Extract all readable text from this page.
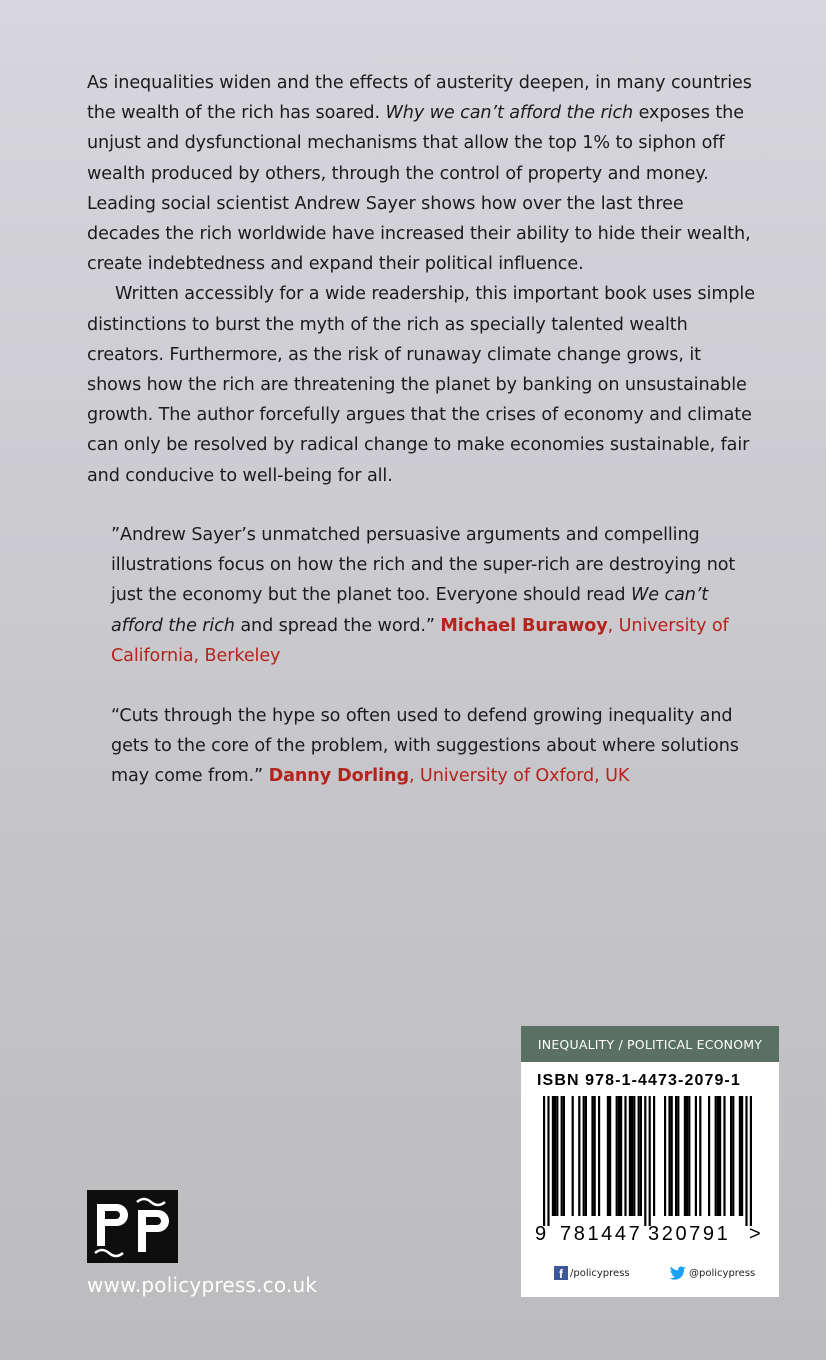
As inequalities widen and the effects of austerity deepen, in many countries the wealth of the rich has soared. Why we can’t afford the rich exposes the unjust and dysfunctional mechanisms that allow the top 1% to siphon off wealth produced by others, through the control of property and money. Leading social scientist Andrew Sayer shows how over the last three decades the rich worldwide have increased their ability to hide their wealth, create indebtedness and expand their political influence.

Written accessibly for a wide readership, this important book uses simple distinctions to burst the myth of the rich as specially talented wealth creators. Furthermore, as the risk of runaway climate change grows, it shows how the rich are threatening the planet by banking on unsustainable growth. The author forcefully argues that the crises of economy and climate can only be resolved by radical change to make economies sustainable, fair and conducive to well-being for all.

”Andrew Sayer’s unmatched persuasive arguments and compelling illustrations focus on how the rich and the super-rich are destroying not just the economy but the planet too. Everyone should read We can’t afford the rich and spread the word.” Michael Burawoy, University of California, Berkeley

“Cuts through the hype so often used to defend growing inequality and gets to the core of the problem, with suggestions about where solutions may come from.” Danny Dorling, University of Oxford, UK

www.policypress.co.uk
INEQUALITY / POLITICAL ECONOMY
ISBN 978-1-4473-2079-1
9 781447 320791 >
f /policypress	@policypress
